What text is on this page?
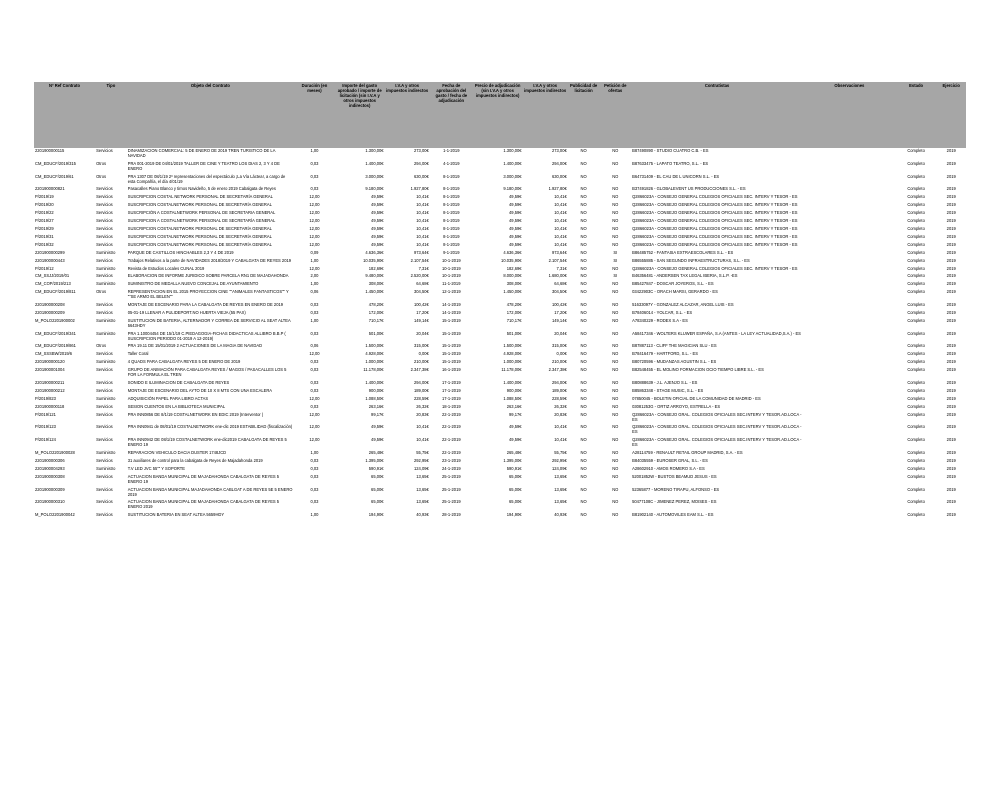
Nº Ref Contrato	Tipo	Objeto del Contrato	Duración (en meses)	Importe del gasto aprobado / importe de licitación (sin I.V.A y otros impuestos indirectos)	I.V.A y otros impuestos indirectos	Fecha de aprobación del gasto / fecha de adjudicación	Precio de adjudicación (sin I.V.A y otros impuestos indirectos)	I.V.A y otros impuestos indirectos	Publicidad de licitación	Petición de ofertas	Contratistas	Observaciones	Estado	Ejercicio
2201900000115	Servicios	DINAMIZACION COMERCIAL: 5 DE ENERO DE 2019 TREN TURISTICO DE LA NAVIDAD	1,00	1.300,00€	273,00€	1-1-2019	1.300,00€	273,00€	NO	NO	B87490890 - STUDIO CUATRO C.B. - ES		Completo	2019
CM_EDUCF/2019/315	Otros	PRA 001-2019 DE 04/01/2019 TALLER DE CINE Y TEATRO LOS DIAS 2, 3 Y 4 DE ENERO	0,03	1.400,00€	294,00€	4-1-2019	1.400,00€	294,00€	NO	NO	B87633475 - LAPATO TEATRO, S.L. - ES		Completo	2019
CM_EDUCF/2019/61	Otros	PRA 1307 DE 08/1/19 2º representaciones del espectáculo ¡La Vía Láctea!, a cargo de esta Compañía, el día 4/01/19	0,03	3.000,00€	630,00€	8-1-2019	3.000,00€	630,00€	NO	NO	B64731409 - EL CAU DE L UNICORN S.L. - ES		Completo	2019
2201900000821	Servicios	Pasacalles Piano Blanco y tirnos Navideño, 5 de enero 2019 Cabalgata de Reyes	0,03	9.180,00€	1.927,80€	8-1-2019	9.180,00€	1.927,80€	NO	NO	B37491826 - GLOBALEVENT US PRODUCCIONES S.L. - ES		Completo	2019
P/2019/19	Servicios	SUSCRIPCION COSTAL NETWORK PERSONAL DE SECRETARÍA GENERAL	12,00	49,59€	10,41€	8-1-2019	49,59€	10,41€	NO	NO	Q2866023A - CONSEJO GENERAL COLEGIOS OFICIALES SEC. INTERV Y TESOR - ES		Completo	2019
P/2019/20	Servicios	SUSCRIPCION COSTALNETWORK PERSONAL DE SECRETARÍA GENERAL	12,00	49,59€	10,41€	8-1-2019	49,59€	10,41€	NO	NO	Q2866023A - CONSEJO GENERAL COLEGIOS OFICIALES SEC. INTERV Y TESOR - ES		Completo	2019
P/2019/22	Servicios	SUSCRIPCIÓN A COSTALNETWORK PERSONAL DE SECRETARIA GENERAL	12,00	49,59€	10,41€	8-1-2019	49,59€	10,41€	NO	NO	Q2866023A - CONSEJO GENERAL COLEGIOS OFICIALES SEC. INTERV Y TESOR - ES		Completo	2019
P/2019/27	Servicios	SUSCRIPCION A COSTALNETWORK PERSONAL DE SECRETARÍA GENERAL	12,00	49,59€	10,41€	8-1-2019	49,59€	10,41€	NO	NO	Q2866023A - CONSEJO GENERAL COLEGIOS OFICIALES SEC. INTERV Y TESOR - ES		Completo	2019
P/2019/29	Servicios	SUSCRIPCION COSTALNETWORK PERSONAL DE SECRETARÍA GENERAL	12,00	49,59€	10,41€	8-1-2019	49,59€	10,41€	NO	NO	Q2866023A - CONSEJO GENERAL COLEGIOS OFICIALES SEC. INTERV Y TESOR - ES		Completo	2019
P/2019/31	Servicios	SUSCRIPCION COSTALNETWORK PERSONAL DE SECRETARÍA GENERAL	12,00	49,59€	10,41€	8-1-2019	49,59€	10,41€	NO	NO	Q2866023A - CONSEJO GENERAL COLEGIOS OFICIALES SEC. INTERV Y TESOR - ES		Completo	2019
P/2019/32	Servicios	SUSCRIPCION COSTALNETWORK PERSONAL DE SECRETARÍA GENERAL	12,00	49,59€	10,41€	8-1-2019	49,59€	10,41€	NO	NO	Q2866023A - CONSEJO GENERAL COLEGIOS OFICIALES SEC. INTERV Y TESOR - ES		Completo	2019
2201900000299	Suministro	PARQUE DE CASTILLOS HINCHABLES 2,3 Y 4 DE 2019	0,09	4.636,36€	973,64€	9-1-2019	4.636,36€	973,64€	NO	SI	B86485752 - FANTASIA EXTRAESCOLARES S.L. - ES		Completo	2019
2201900000443	Servicios	Trabajos Relativos a la parte de NAVIDADES 2018/2019 Y CABALGATA DE REYES 2019	1,00	10.035,90€	2.107,54€	10-1-2019	10.035,90€	2.107,54€	NO	SI	B86555885 - SAN SEGUNDO INFRAESTRUCTURAS, S.L. - ES		Completo	2019
P/2019/12	Suministro	Revista de Estudios Locales CUNAL 2019	12,00	182,69€	7,31€	10-1-2019	182,69€	7,31€	NO	NO	Q2866023A - CONSEJO GENERAL COLEGIOS OFICIALES SEC. INTERV Y TESOR - ES		Completo	2019
CM_SSJJ/2019/01	Servicios	ELABORACION DE INFORME JURIDICO SOBRE PARCELA RN1 DE MAJADAHONDA	2,00	9.480,00€	2.520,00€	10-1-2019	8.000,00€	1.680,00€	NO	SI	B46356481 - ANDERSEN TAX LEGAL IBERIA, S.L.P. -ES		Completo	2019
CM_COP/2019/213	Suministro	SUMINISTRO DE MEDALLA NUEVO CONCEJAL DE AYUNTAMIENTO	1,00	308,00€	64,68€	11-1-2019	308,00€	64,68€	NO	NO	B85427847 - DOSCAR JOYEROS, S.L. - ES		Completo	2019
CM_EDUCF/2019/811	Otros	REPRESENTACION EN EL 2015 PROYECCION CINE ""ANIMALES FANTASTICOS"" Y ""SE ARMO EL BELEN""	0,06	1.450,00€	304,50€	12-1-2019	1.450,00€	304,50€	NO	NO	03422903C - ORACH MARSI, GERARDO - ES		Completo	2019
2201900000208	Servicios	MONTAJE DE ESCENARIO PARA LA CABALGATA DE REYES EN ENERO DE 2019	0,03	478,20€	100,42€	14-1-2019	478,20€	100,42€	NO	NO	51633097Y - GONZALEZ ALCAZAR, ANGEL LUIS - ES		Completo	2019
2201900000209	Servicios	05-01-19 LLENAR A PULIDEPORT.NO HUERTA VIEJA (55 PAX)	0,03	172,00€	17,20€	14-1-2019	172,00€	17,20€	NO	NO	B78406014 - YOLCAR, S.L. - ES		Completo	2019
M_POLO2201900002	Suministro	SUSTITUCION DE BATERIA, ALTERNADOR Y CORREA DE SERVICIO AL SEAT ALTEA 5643HDY	1,00	710,17€	149,14€	15-1-2019	710,17€	149,14€	NO	NO	A78340229 - RODEX S.A - ES		Completo	2019
CM_EDUCF/2019/341	Suministro	PRA 1.10004454 DE 15/1/19 C.PIEDAGOGIA-FICHAS DIDACTICAS ALLIBRO B.B.P ( SUSCRIPCION PERIODO 01-2019 A 12-2019)	0,03	501,00€	20,04€	15-1-2019	501,00€	20,04€	NO	NO	A58417346 - WOLTERS KLUWER ESPAÑA, S.A (ANTES - LA LEY ACTUALIDAD,S.A.) - ES		Completo	2019
CM_EDUCF/2019/861	Otros	PRA 19.11 DE 15/01/2019 2 ACTUACIONES DE LA MAGIA DE NAVIDAD	0,06	1.500,00€	315,00€	15-1-2019	1.500,00€	315,00€	NO	NO	B87887113 - CLIFF THE MAGICIAN SLU - ES		Completo	2019
CM_SSSBW/2019/6	Servicios	Taller Coral	12,00	4.928,00€	0,00€	15-1-2019	4.928,00€	0,00€	NO	NO	B78416479 - HARTFORD, S.L. - ES		Completo	2019
2201900000120	Suministro	4 QUADS PARA CABALGATA REYES 5 DE ENERO DE 2019	0,03	1.000,00€	210,00€	15-1-2019	1.000,00€	210,00€	NO	NO	B80720596 - MUDANZAS AGUSTIN S.L. - ES		Completo	2019
2201900001004	Servicios	GRUPO DE ANIMACIÓN PARA CABALGATA REYES / MAGOS / PASACALLES LOS 5 FOR LA FORMULA EL TREN	0,03	11.178,00€	2.347,38€	16-1-2019	11.178,00€	2.347,38€	NO	NO	B82548455 - EL MOLINO FORMACION OCIO TIEMPO LIBRE S.L. - ES		Completo	2019
2201900000211	Servicios	SONIDO E ILUMINACION DE CABALGATA DE REYES	0,03	1.400,00€	294,00€	17-1-2019	1.400,00€	294,00€	NO	NO	B80888639 - J.L. AJENJO S.L. - ES		Completo	2019
2201900000212	Servicios	MONTAJE DE ESCENARIO DEL AYTO DE 10 X 8 MTS CON UNA ESCALERA	0,03	900,00€	189,00€	17-1-2019	900,00€	189,00€	NO	NO	B85863348 - STAGE MUSIC, S.L. - ES		Completo	2019
P/2019/823	Suministro	ADQUISICIÓN PAPEL PARA LIBRO ACTAS	12,00	1.088,50€	228,59€	17-1-2019	1.088,50€	228,59€	NO	NO	07850045 - BOLETIN OFICIAL DE LA COMUNIDAD DE MADRID - ES		Completo	2019
2201900000118	Servicios	SESION CUENTOS EN LA BIBLIOTECA MUNICIPAL	0,03	263,16€	26,32€	18-1-2019	263,16€	26,32€	NO	NO	03081253G - ORTIZ ARROYO, ESTRELLA - ES		Completo	2019
P/2019/121	Servicios	PRA INN0856 DE 8/1/19 COSTALNETWORK EN EDIC 2019 (Interventor )	12,00	99,17€	20,83€	22-1-2019	99,17€	20,83€	NO	NO	Q2866023A - CONSEJO GRAL. COLEGIOS OFICIALES SEC.INTERV Y TESOR.AD.LOCA - ES		Completo	2019
P/2019/123	Servicios	PRA INN0941 de 08/01/19 COSTALNETWORK ene-dic 2019 ESTABILIDAD (fiscalización)	12,00	49,59€	10,41€	22-1-2019	49,59€	10,41€	NO	NO	Q2866023A - CONSEJO GRAL. COLEGIOS OFICIALES SEC.INTERV Y TESOR.AD.LOCA - ES		Completo	2019
P/2019/124	Servicios	PRA INN0942 DE 08/1/19 COSTALNETWORK ene-dic2019 CABALGATA DE REYES 5 ENERO 19	12,00	49,59€	10,41€	22-1-2019	49,59€	10,41€	NO	NO	Q2866023A - CONSEJO GRAL. COLEGIOS OFICIALES SEC.INTERV Y TESOR.AD.LOCA - ES		Completo	2019
M_POLO2201900028	Suministro	REPARACION VEHICULO DACIA DUSTER 1748JCD	1,00	265,48€	55,75€	22-1-2019	265,48€	55,75€	NO	NO	A28114759 - RENAULT RETAIL GROUP MADRID, S.A. - ES		Completo	2019
2201900000306	Servicios	31 auxiliares de control para la cabalgata de Reyes de Majadahonda 2019	0,03	1.395,00€	292,95€	23-1-2019	1.395,00€	292,95€	NO	NO	B84035559 - EUROSER GRAL, S.L. - ES		Completo	2019
2201900004293	Suministro	T.V LED JVC 55"" Y SOPORTE	0,03	590,91€	124,09€	24-1-2019	590,91€	124,09€	NO	NO	A28602910 - AMOS ROMERO S.A - ES		Completo	2019
2201900000308	Servicios	ACTUACION BANDA MUNICIPAL DE MAJADAHONDA CABALGATA DE REYES 5 ENERO 19	0,03	65,00€	13,65€	25-1-2019	65,00€	13,65€	NO	NO	52001852W - BUSTOS BEAMUD JESUS - ES		Completo	2019
2201900000309	Servicios	ACTUACION BANDA MUNICIPAL MAJADAHONDA CABLGAT A DE REYES 5E 5 ENERO 2019	0,03	65,00€	13,65€	25-1-2019	65,00€	13,65€	NO	NO	52365877 - MORENO TIRAPU, ALFONSO - ES		Completo	2019
2201900000310	Servicios	ACTUACION BANDA MUNICIPAL DE MAJADAHONDA CABALGATA DE REYES 5 ENERO 2019	0,03	65,00€	13,65€	25-1-2019	65,00€	13,65€	NO	NO	50477108C - JIMENEZ PEREZ, MOISES - ES		Completo	2019
M_POLO2201900042	Servicios	SUSTITUCION BATERIA EN SEAT ALTEA 5659HDY	1,00	194,90€	40,93€	28-1-2019	194,90€	40,93€	NO	NO	B81902140 - AUTOMOVILES EAM S.L. - ES		Completo	2019
